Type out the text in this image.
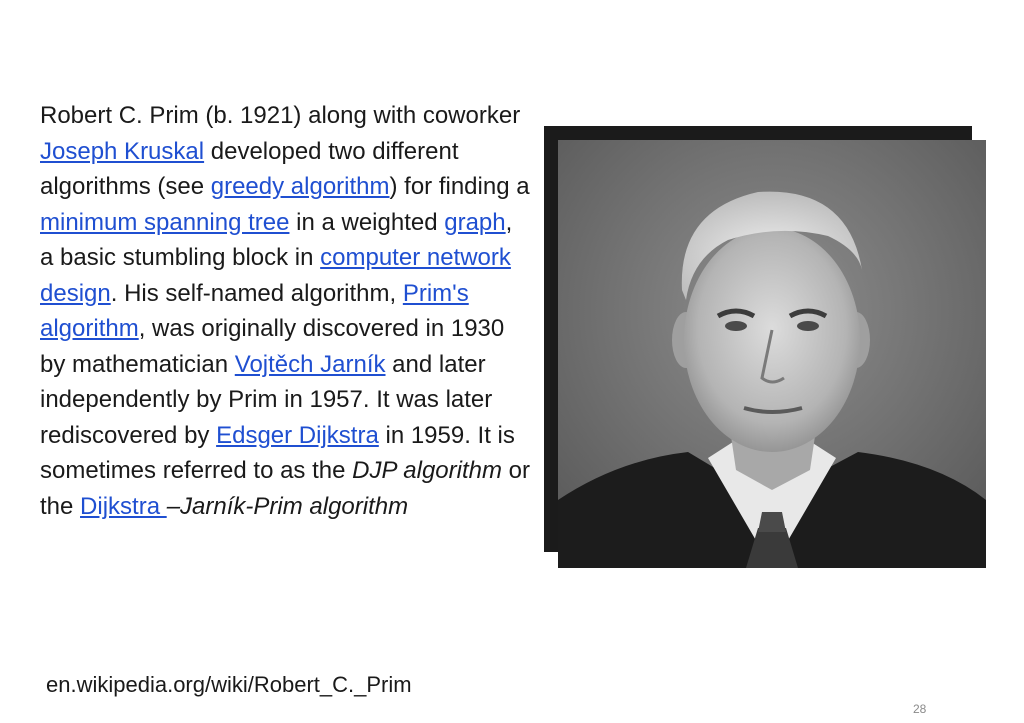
Robert C. Prim (b. 1921) along with coworker Joseph Kruskal developed two different algorithms (see greedy algorithm) for finding a minimum spanning tree in a weighted graph, a basic stumbling block in computer network design. His self-named algorithm, Prim's algorithm, was originally discovered in 1930 by mathematician Vojtěch Jarník and later independently by Prim in 1957. It was later rediscovered by Edsger Dijkstra in 1959. It is sometimes referred to as the DJP algorithm or the Dijkstra –Jarník-Prim algorithm
en.wikipedia.org/wiki/Robert_C._Prim
28
